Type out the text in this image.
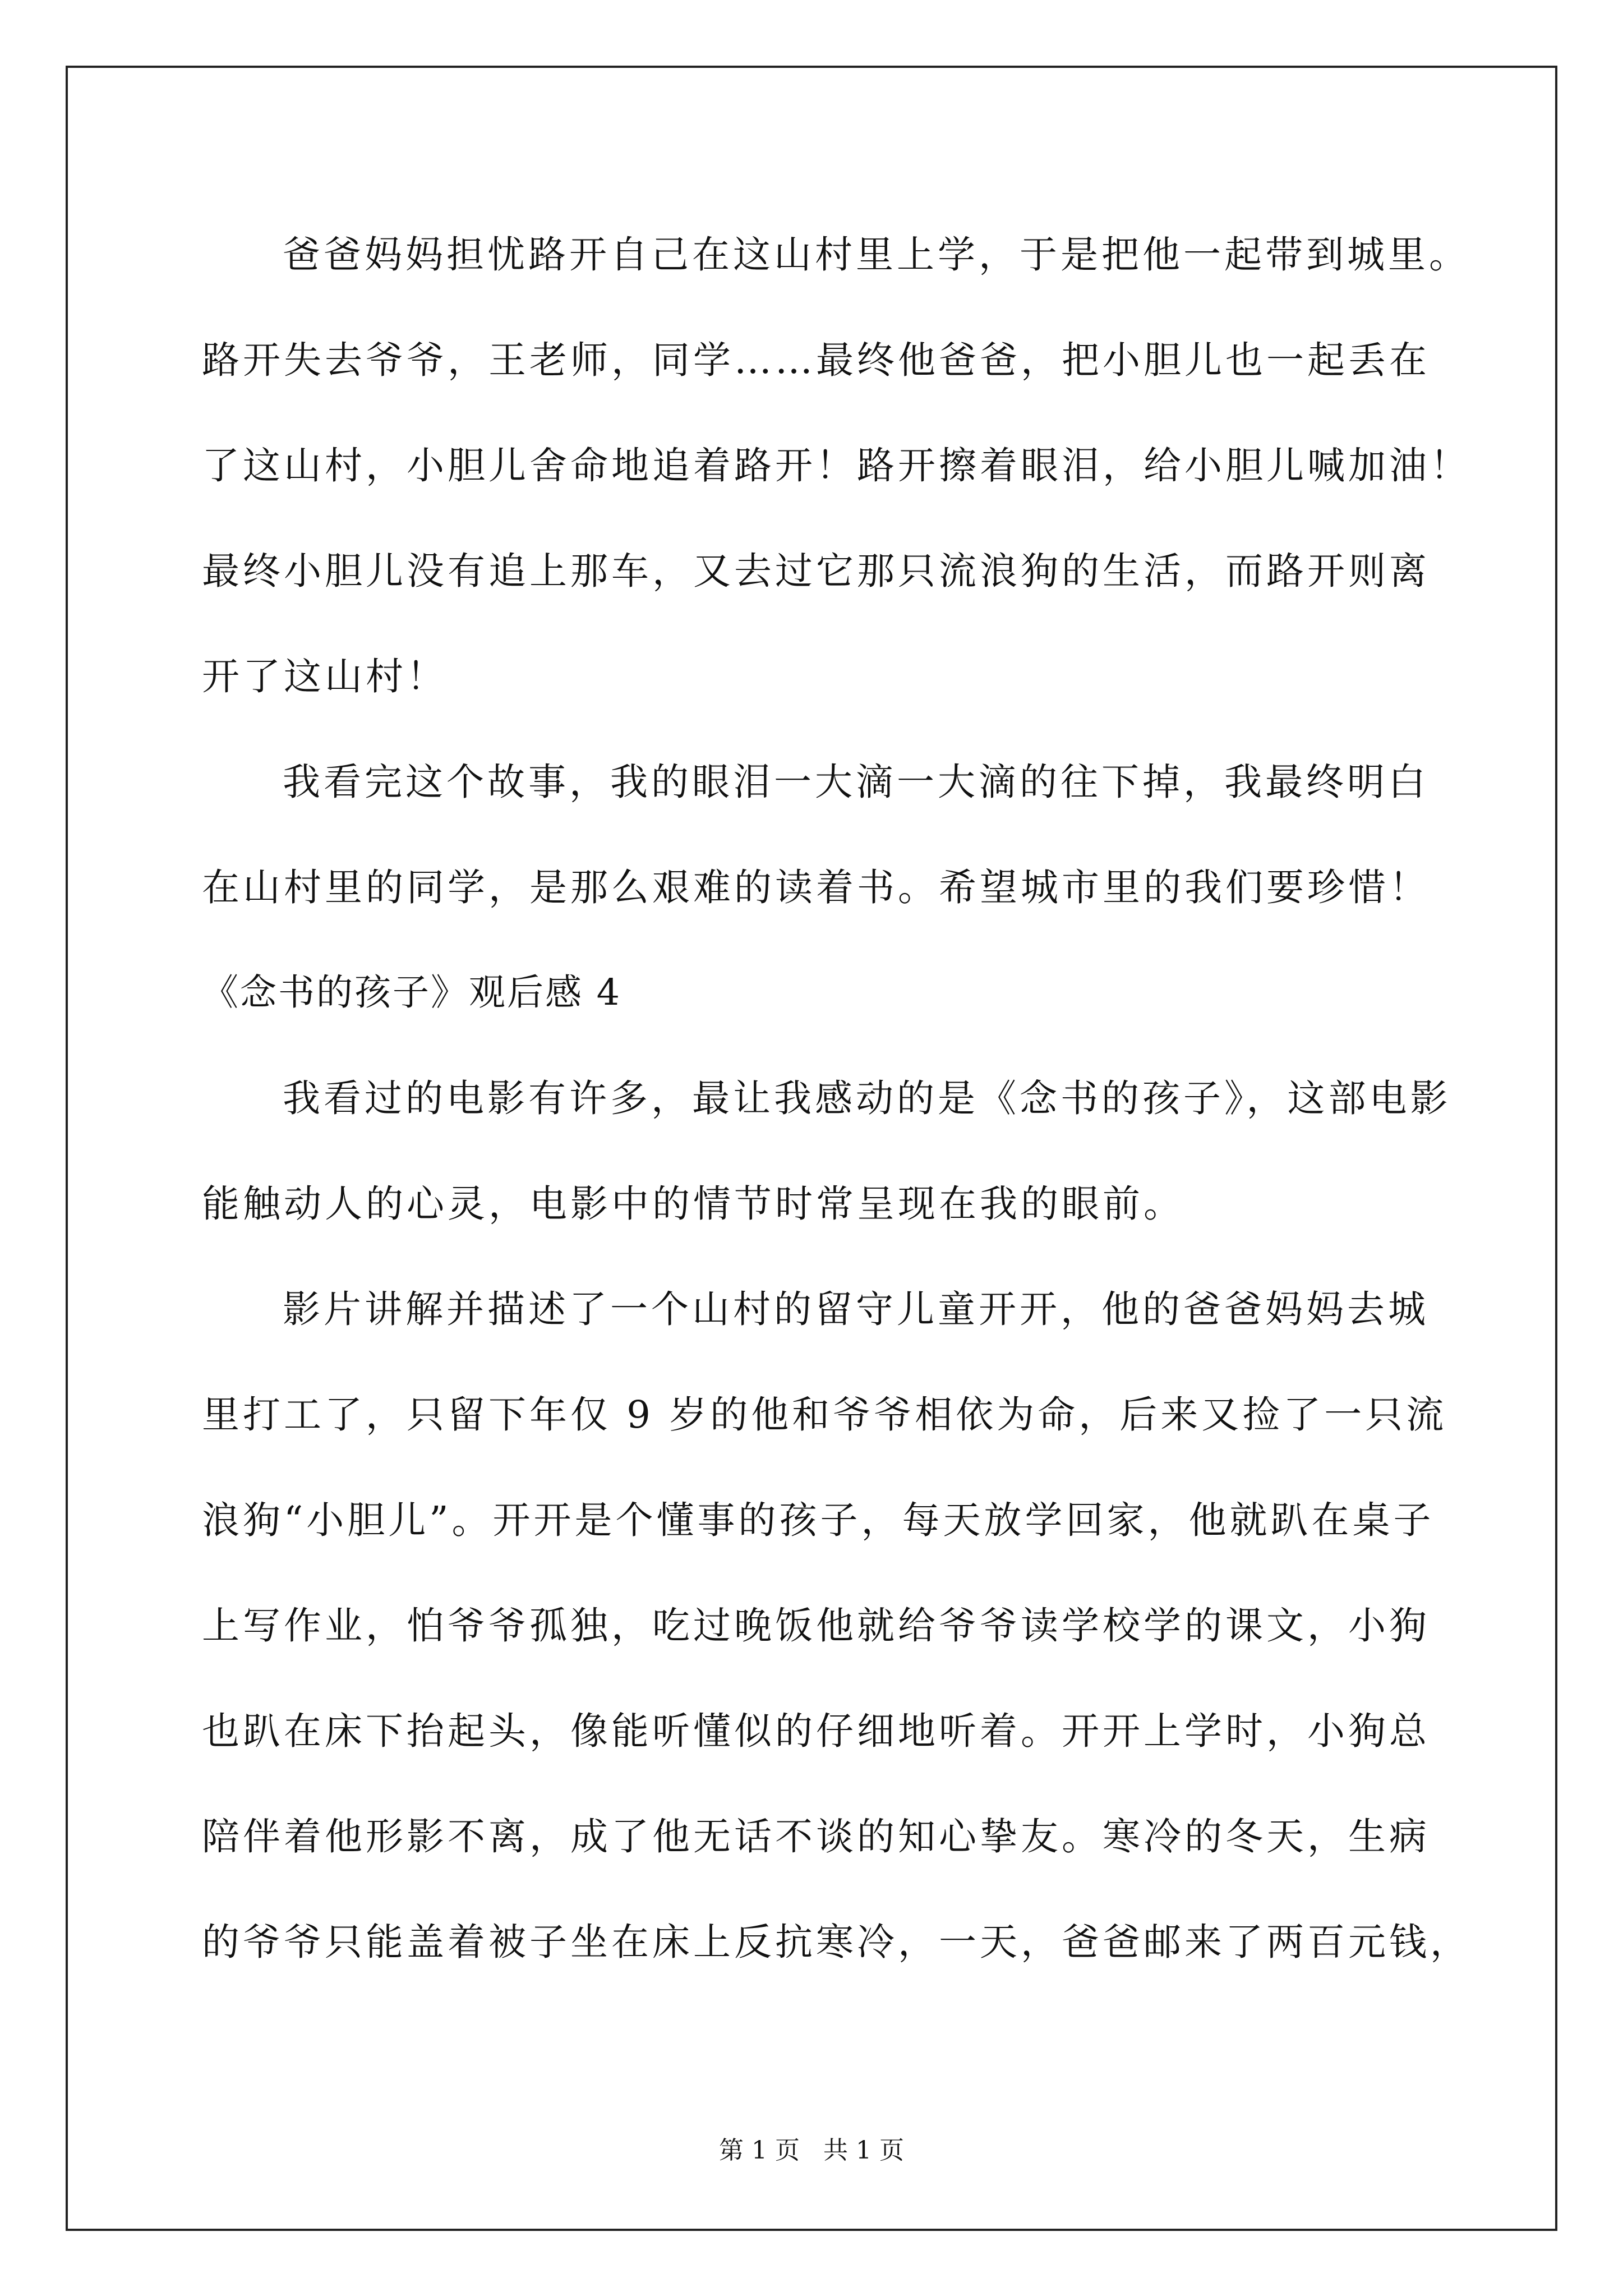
爸爸妈妈担忧路开自己在这山村里上学，于是把他一起带到城里。
路开失去爷爷，王老师，同学……最终他爸爸，把小胆儿也一起丢在
了这山村，小胆儿舍命地追着路开！路开擦着眼泪，给小胆儿喊加油！
最终小胆儿没有追上那车，又去过它那只流浪狗的生活，而路开则离
开了这山村！
我看完这个故事，我的眼泪一大滴一大滴的往下掉，我最终明白
在山村里的同学，是那么艰难的读着书。希望城市里的我们要珍惜！
《念书的孩子》观后感 4
我看过的电影有许多，最让我感动的是《念书的孩子》，这部电影
能触动人的心灵，电影中的情节时常呈现在我的眼前。
影片讲解并描述了一个山村的留守儿童开开，他的爸爸妈妈去城
里打工了，只留下年仅 9 岁的他和爷爷相依为命，后来又捡了一只流
浪狗“小胆儿”。开开是个懂事的孩子，每天放学回家，他就趴在桌子
上写作业，怕爷爷孤独，吃过晚饭他就给爷爷读学校学的课文，小狗
也趴在床下抬起头，像能听懂似的仔细地听着。开开上学时，小狗总
陪伴着他形影不离，成了他无话不谈的知心挚友。寒冷的冬天，生病
的爷爷只能盖着被子坐在床上反抗寒冷，一天，爸爸邮来了两百元钱，
第 1 页   共 1 页
